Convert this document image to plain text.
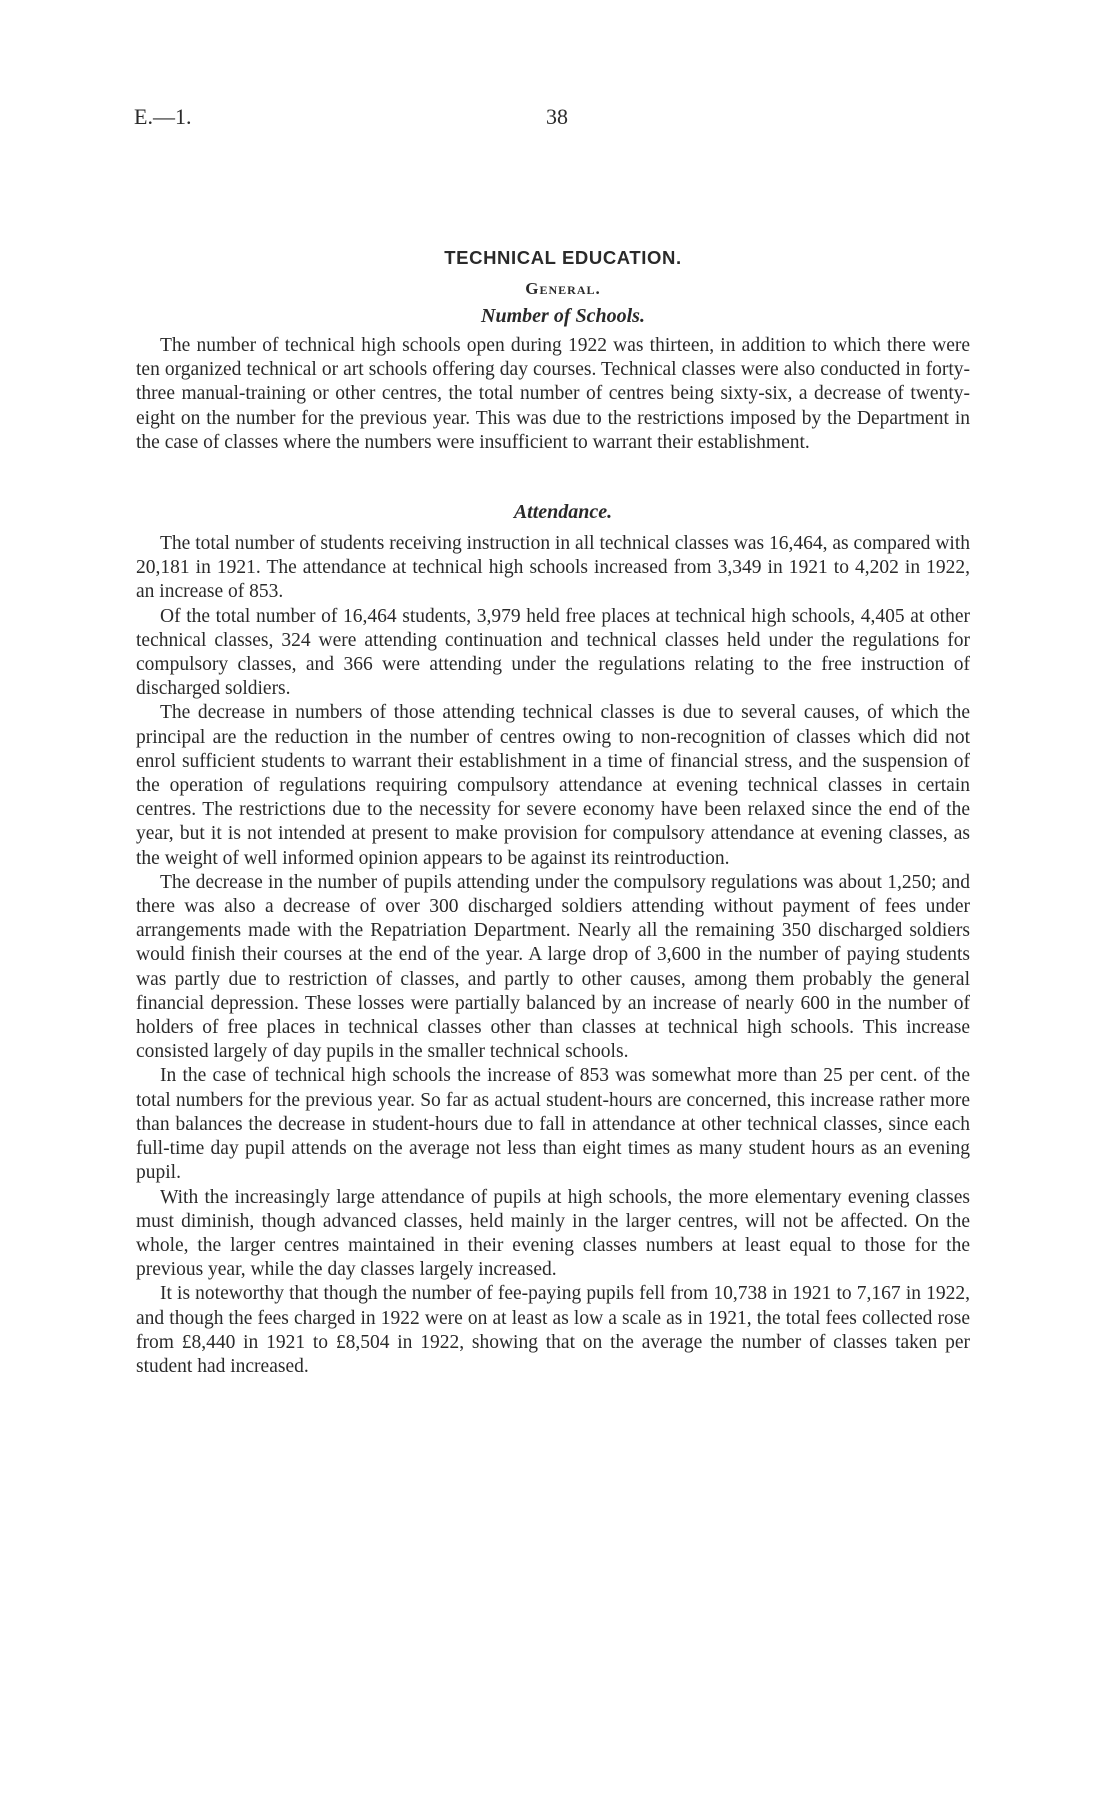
E.—1.	38
TECHNICAL EDUCATION.
General.
Number of Schools.

The number of technical high schools open during 1922 was thirteen, in addition to which there were ten organized technical or art schools offering day courses. Technical classes were also conducted in forty-three manual-training or other centres, the total number of centres being sixty-six, a decrease of twenty-eight on the number for the previous year. This was due to the restrictions imposed by the Department in the case of classes where the numbers were insufficient to warrant their establishment.

Attendance.

The total number of students receiving instruction in all technical classes was 16,464, as compared with 20,181 in 1921. The attendance at technical high schools increased from 3,349 in 1921 to 4,202 in 1922, an increase of 853.

Of the total number of 16,464 students, 3,979 held free places at technical high schools, 4,405 at other technical classes, 324 were attending continuation and technical classes held under the regulations for compulsory classes, and 366 were attending under the regulations relating to the free instruction of discharged soldiers.

The decrease in numbers of those attending technical classes is due to several causes, of which the principal are the reduction in the number of centres owing to non-recognition of classes which did not enrol sufficient students to warrant their establishment in a time of financial stress, and the suspension of the operation of regulations requiring compulsory attendance at evening technical classes in certain centres. The restrictions due to the necessity for severe economy have been relaxed since the end of the year, but it is not intended at present to make provision for compulsory attendance at evening classes, as the weight of well informed opinion appears to be against its reintroduction.

The decrease in the number of pupils attending under the compulsory regulations was about 1,250; and there was also a decrease of over 300 discharged soldiers attending without payment of fees under arrangements made with the Repatriation Department. Nearly all the remaining 350 discharged soldiers would finish their courses at the end of the year. A large drop of 3,600 in the number of paying students was partly due to restriction of classes, and partly to other causes, among them probably the general financial depression. These losses were partially balanced by an increase of nearly 600 in the number of holders of free places in technical classes other than classes at technical high schools. This increase consisted largely of day pupils in the smaller technical schools.

In the case of technical high schools the increase of 853 was somewhat more than 25 per cent. of the total numbers for the previous year. So far as actual student-hours are concerned, this increase rather more than balances the decrease in student-hours due to fall in attendance at other technical classes, since each full-time day pupil attends on the average not less than eight times as many student hours as an evening pupil.

With the increasingly large attendance of pupils at high schools, the more elementary evening classes must diminish, though advanced classes, held mainly in the larger centres, will not be affected. On the whole, the larger centres maintained in their evening classes numbers at least equal to those for the previous year, while the day classes largely increased.

It is noteworthy that though the number of fee-paying pupils fell from 10,738 in 1921 to 7,167 in 1922, and though the fees charged in 1922 were on at least as low a scale as in 1921, the total fees collected rose from £8,440 in 1921 to £8,504 in 1922, showing that on the average the number of classes taken per student had increased.
